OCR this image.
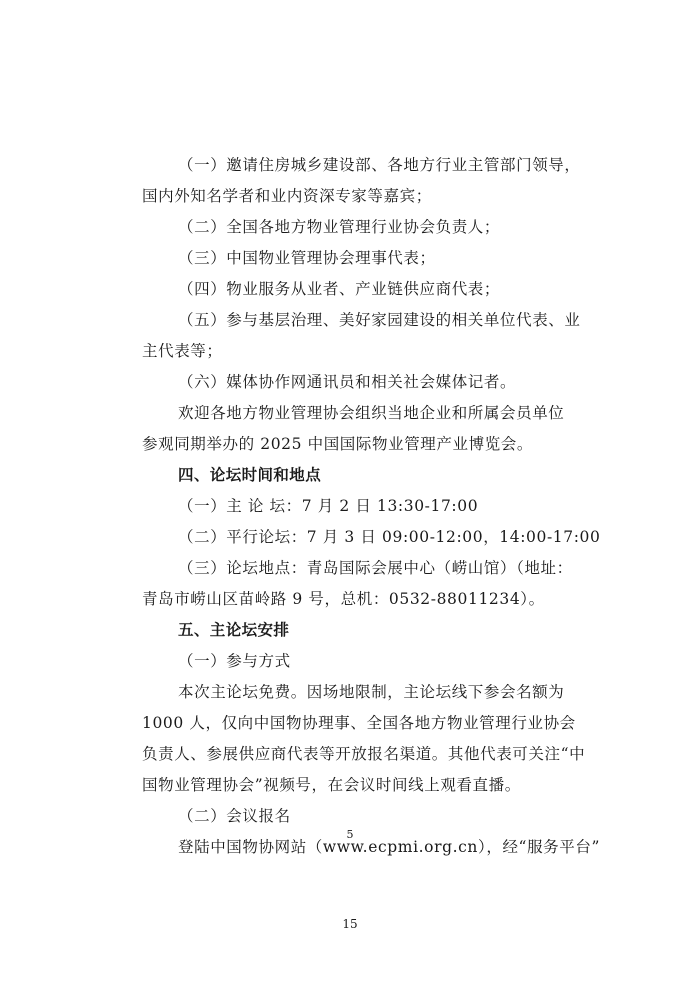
（一）邀请住房城乡建设部、各地方行业主管部门领导，

国内外知名学者和业内资深专家等嘉宾；

（二）全国各地方物业管理行业协会负责人；

（三）中国物业管理协会理事代表；

（四）物业服务从业者、产业链供应商代表；

（五）参与基层治理、美好家园建设的相关单位代表、业

主代表等；

（六）媒体协作网通讯员和相关社会媒体记者。

欢迎各地方物业管理协会组织当地企业和所属会员单位

参观同期举办的 2025 中国国际物业管理产业博览会。

四、论坛时间和地点

（一）主 论 坛：7 月 2 日 13:30-17:00

（二）平行论坛：7 月 3 日 09:00-12:00，14:00-17:00

（三）论坛地点：青岛国际会展中心（崂山馆）（地址：

青岛市崂山区苗岭路 9 号，总机：0532-88011234）。

五、主论坛安排

（一）参与方式

本次主论坛免费。因场地限制，主论坛线下参会名额为

1000 人，仅向中国物协理事、全国各地方物业管理行业协会

负责人、参展供应商代表等开放报名渠道。其他代表可关注“中

国物业管理协会”视频号，在会议时间线上观看直播。

（二）会议报名

登陆中国物协网站（www.ecpmi.org.cn），经“服务平台”

5
15
